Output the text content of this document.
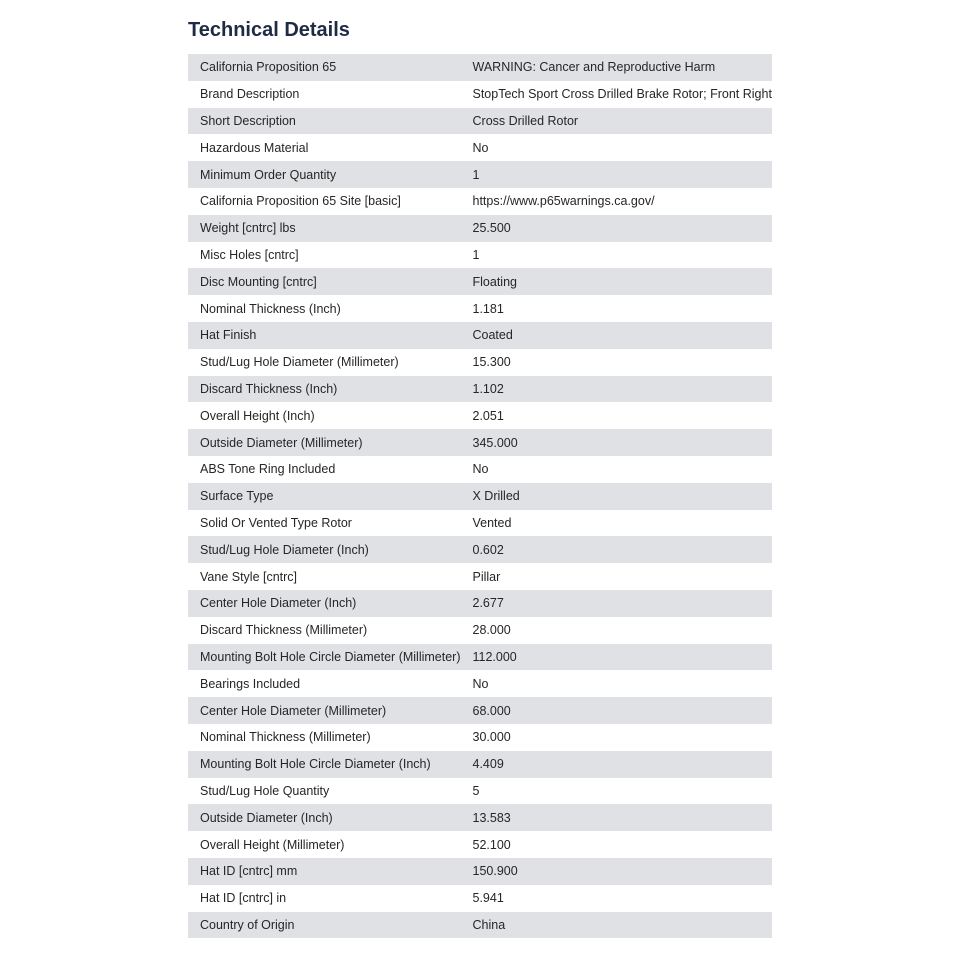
Technical Details
California Proposition 65	WARNING: Cancer and Reproductive Harm
Brand Description	StopTech Sport Cross Drilled Brake Rotor; Front Right
Short Description	Cross Drilled Rotor
Hazardous Material	No
Minimum Order Quantity	1
California Proposition 65 Site [basic]	https://www.p65warnings.ca.gov/
Weight [cntrc] lbs	25.500
Misc Holes [cntrc]	1
Disc Mounting [cntrc]	Floating
Nominal Thickness (Inch)	1.181
Hat Finish	Coated
Stud/Lug Hole Diameter (Millimeter)	15.300
Discard Thickness (Inch)	1.102
Overall Height (Inch)	2.051
Outside Diameter (Millimeter)	345.000
ABS Tone Ring Included	No
Surface Type	X Drilled
Solid Or Vented Type Rotor	Vented
Stud/Lug Hole Diameter (Inch)	0.602
Vane Style [cntrc]	Pillar
Center Hole Diameter (Inch)	2.677
Discard Thickness (Millimeter)	28.000
Mounting Bolt Hole Circle Diameter (Millimeter)	112.000
Bearings Included	No
Center Hole Diameter (Millimeter)	68.000
Nominal Thickness (Millimeter)	30.000
Mounting Bolt Hole Circle Diameter (Inch)	4.409
Stud/Lug Hole Quantity	5
Outside Diameter (Inch)	13.583
Overall Height (Millimeter)	52.100
Hat ID [cntrc] mm	150.900
Hat ID [cntrc] in	5.941
Country of Origin	China
